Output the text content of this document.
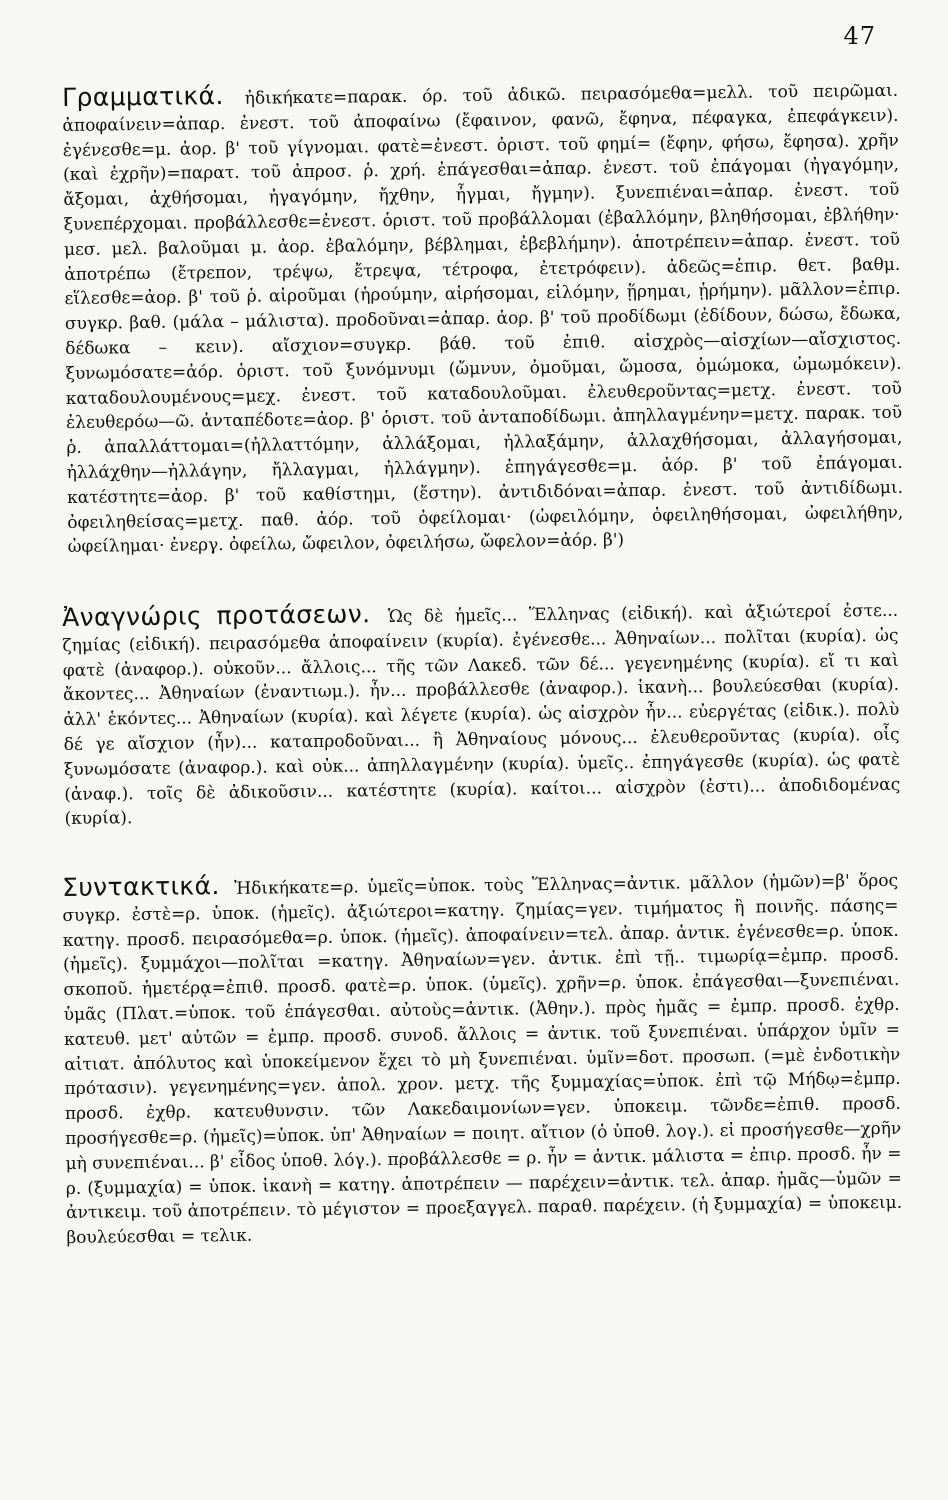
47

Γραμματικά. ἠδικήκατε=παρακ. όρ. τοῦ ἀδικῶ. πειρασόμεθα=μελλ. τοῦ πειρῶμαι. ἀποφαίνειν=ἀπαρ. ἐνεστ. τοῦ ἀποφαίνω (ἔφαινον, φανῶ, ἔφηνα, πέφαγκα, ἐπεφάγκειν). ἐγένεσθε=μ. ἀορ. β' τοῦ γίγνομαι. φατὲ=ἐνεστ. ὁριστ. τοῦ φημί= (ἔφην, φήσω, ἔφησα). χρῆν (καὶ ἐχρῆν)=παρατ. τοῦ ἀπροσ. ῥ. χρή. ἐπάγεσθαι=ἀπαρ. ἐνεστ. τοῦ ἐπάγομαι (ἠγαγόμην, ἄξομαι, ἀχθήσομαι, ἠγαγόμην, ἤχθην, ἦγμαι, ἤγμην). ξυνεπιέναι=ἀπαρ. ἐνεστ. τοῦ ξυνεπέρχομαι. προβάλλεσθε=ἐνεστ. ὁριστ. τοῦ προβάλλομαι (ἐβαλλόμην, βληθήσομαι, ἐβλήθην· μεσ. μελ. βαλοῦμαι μ. ἀορ. ἐβαλόμην, βέβλημαι, ἐβεβλήμην). ἀποτρέπειν=ἀπαρ. ἐνεστ. τοῦ ἀποτρέπω (ἔτρεπον, τρέψω, ἔτρεψα, τέτροφα, ἐτετρόφειν). ἀδεῶς=ἐπιρ. θετ. βαθμ. εἵλεσθε=ἀορ. β' τοῦ ῥ. αἱροῦμαι (ἡρούμην, αἱρήσομαι, εἱλόμην, ᾕρημαι, ᾑρήμην). μᾶλλον=ἐπιρ. συγκρ. βαθ. (μάλα – μάλιστα). προδοῦναι=ἀπαρ. ἀορ. β' τοῦ προδίδωμι (ἐδίδουν, δώσω, ἔδωκα, δέδωκα – κειν). αἴσχιον=συγκρ. βάθ. τοῦ ἐπιθ. αἰσχρὸς—αἰσχίων—αἴσχιστος. ξυνωμόσατε=ἀόρ. ὁριστ. τοῦ ξυνόμνυμι (ὤμνυν, ὀμοῦμαι, ὤμοσα, ὀμώμοκα, ὠμωμόκειν). καταδουλουμένους=μεχ. ἐνεστ. τοῦ καταδουλοῦμαι. ἐλευθεροῦντας=μετχ. ἐνεστ. τοῦ ἐλευθερόω—ῶ. ἀνταπέδοτε=ἀορ. β' ὁριστ. τοῦ ἀνταποδίδωμι. ἀπηλλαγμένην=μετχ. παρακ. τοῦ ῥ. ἀπαλλάττομαι=(ἠλλαττόμην, ἀλλάξομαι, ἠλλαξάμην, ἀλλαχθήσομαι, ἀλλαγήσομαι, ἠλλάχθην—ἠλλάγην, ἤλλαγμαι, ἠλλάγμην). ἐπηγάγεσθε=μ. ἀόρ. β' τοῦ ἐπάγομαι. κατέστητε=ἀορ. β' τοῦ καθίστημι, (ἔστην). ἀντιδιδόναι=ἀπαρ. ἐνεστ. τοῦ ἀντιδίδωμι. ὀφειληθείσας=μετχ. παθ. ἀόρ. τοῦ ὀφείλομαι· (ὠφειλόμην, ὀφειληθήσομαι, ὠφειλήθην, ὠφείλημαι· ἐνεργ. ὀφείλω, ὤφειλον, ὀφειλήσω, ὤφελον=ἀόρ. β')

Ἀναγνώρις προτάσεων. Ὡς δὲ ἡμεῖς... Ἕλληνας (εἰδική). καὶ ἀξιώτεροί ἐστε... ζημίας (εἰδική). πειρασόμεθα ἀποφαίνειν (κυρία). ἐγένεσθε... Ἀθηναίων... πολῖται (κυρία). ὡς φατὲ (ἀναφορ.). οὐκοῦν... ἄλλοις... τῆς τῶν Λακεδ. τῶν δέ... γεγενημένης (κυρία). εἴ τι καὶ ἄκοντες... Ἀθηναίων (ἐναντιωμ.). ἦν... προβάλλεσθε (ἀναφορ.). ἱκανὴ... βουλεύεσθαι (κυρία). ἀλλ' ἑκόντες... Ἀθηναίων (κυρία). καὶ λέγετε (κυρία). ὡς αἰσχρὸν ἦν... εὐεργέτας (εἰδικ.). πολὺ δέ γε αἴσχιον (ἦν)... καταπροδοῦναι... ἢ Ἀθηναίους μόνους... ἐλευθεροῦντας (κυρία). οἷς ξυνωμόσατε (ἀναφορ.). καὶ οὐκ... ἀπηλλαγμένην (κυρία). ὑμεῖς.. ἐπηγάγεσθε (κυρία). ὡς φατὲ (ἀναφ.). τοῖς δὲ ἀδικοῦσιν... κατέστητε (κυρία). καίτοι... αἰσχρὸν (ἐστι)... ἀποδιδομένας (κυρία).

Συντακτικά. Ἠδικήκατε=ρ. ὑμεῖς=ὑποκ. τοὺς Ἕλληνας=ἀντικ. μᾶλλον (ἡμῶν)=β' ὅρος συγκρ. ἐστὲ=ρ. ὑποκ. (ἡμεῖς). ἀξιώτεροι=κατηγ. ζημίας=γεν. τιμήματος ἢ ποινῆς. πάσης= κατηγ. προσδ. πειρασόμεθα=ρ. ὑποκ. (ἡμεῖς). ἀποφαίνειν=τελ. ἀπαρ. ἀντικ. ἐγένεσθε=ρ. ὑποκ. (ἡμεῖς). ξυμμάχοι—πολῖται =κατηγ. Ἀθηναίων=γεν. ἀντικ. ἐπὶ τῇ.. τιμωρίᾳ=ἐμπρ. προσδ. σκοποῦ. ἡμετέρᾳ=ἐπιθ. προσδ. φατὲ=ρ. ὑποκ. (ὑμεῖς). χρῆν=ρ. ὑποκ. ἐπάγεσθαι—ξυνεπιέναι. ὑμᾶς (Πλατ.=ὑποκ. τοῦ ἐπάγεσθαι. αὐτοὺς=ἀντικ. (Ἀθην.). πρὸς ἡμᾶς = ἐμπρ. προσδ. ἐχθρ. κατευθ. μετ' αὐτῶν = ἐμπρ. προσδ. συνοδ. ἄλλοις = ἀντικ. τοῦ ξυνεπιέναι. ὑπάρχον ὑμῖν = αἰτιατ. ἀπόλυτος καὶ ὑποκείμενον ἔχει τὸ μὴ ξυνεπιέναι. ὑμῖν=δοτ. προσωπ. (=μὲ ἐνδοτικὴν πρότασιν). γεγενημένης=γεν. ἀπολ. χρον. μετχ. τῆς ξυμμαχίας=ὑποκ. ἐπὶ τῷ Μήδῳ=ἐμπρ. προσδ. ἐχθρ. κατευθυνσιν. τῶν Λακεδαιμονίων=γεν. ὑποκειμ. τῶνδε=ἐπιθ. προσδ. προσήγεσθε=ρ. (ἡμεῖς)=ὑποκ. ὑπ' Ἀθηναίων = ποιητ. αἴτιον (ὁ ὑποθ. λογ.). εἰ προσήγεσθε—χρῆν μὴ συνεπιέναι... β' εἶδος ὑποθ. λόγ.). προβάλλεσθε = ρ. ἦν = ἀντικ. μάλιστα = ἐπιρ. προσδ. ἦν = ρ. (ξυμμαχία) = ὑποκ. ἱκανὴ = κατηγ. ἀποτρέπειν — παρέχειν=ἀντικ. τελ. ἀπαρ. ἡμᾶς—ὑμῶν = ἀντικειμ. τοῦ ἀποτρέπειν. τὸ μέγιστον = προεξαγγελ. παραθ. παρέχειν. (ἡ ξυμμαχία) = ὑποκειμ. βουλεύεσθαι = τελικ.
